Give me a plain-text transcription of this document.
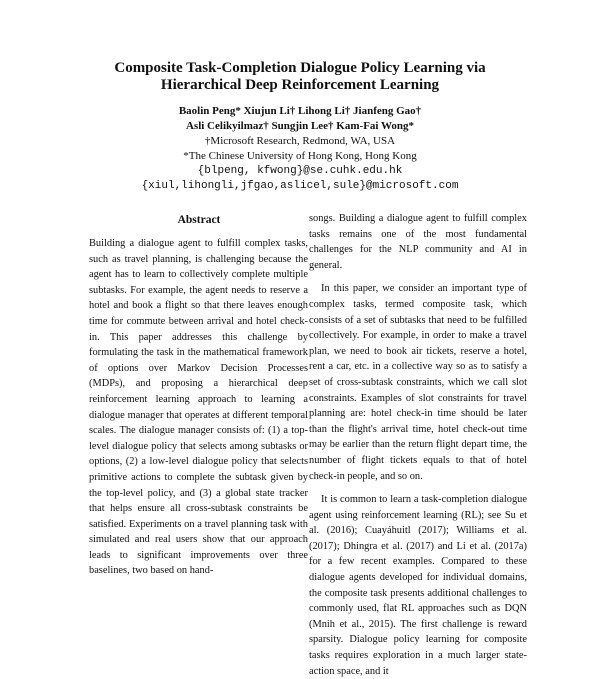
Composite Task-Completion Dialogue Policy Learning via
Hierarchical Deep Reinforcement Learning
Baolin Peng* Xiujun Li† Lihong Li† Jianfeng Gao†
Asli Celikyilmaz† Sungjin Lee† Kam-Fai Wong*
†Microsoft Research, Redmond, WA, USA
*The Chinese University of Hong Kong, Hong Kong
{blpeng, kfwong}@se.cuhk.edu.hk
{xiul,lihongli,jfgao,aslicel,sule}@microsoft.com
Abstract

Building a dialogue agent to fulfill complex tasks, such as travel planning, is challenging because the agent has to learn to collectively complete multiple subtasks. For example, the agent needs to reserve a hotel and book a flight so that there leaves enough time for commute between arrival and hotel check-in. This paper addresses this challenge by formulating the task in the mathematical framework of options over Markov Decision Processes (MDPs), and proposing a hierarchical deep reinforcement learning approach to learning a dialogue manager that operates at different temporal scales. The dialogue manager consists of: (1) a top-level dialogue policy that selects among subtasks or options, (2) a low-level dialogue policy that selects primitive actions to complete the subtask given by the top-level policy, and (3) a global state tracker that helps ensure all cross-subtask constraints be satisfied. Experiments on a travel planning task with simulated and real users show that our approach leads to significant improvements over three baselines, two based on hand-

songs. Building a dialogue agent to fulfill complex tasks remains one of the most fundamental challenges for the NLP community and AI in general.

In this paper, we consider an important type of complex tasks, termed composite task, which consists of a set of subtasks that need to be fulfilled collectively. For example, in order to make a travel plan, we need to book air tickets, reserve a hotel, rent a car, etc. in a collective way so as to satisfy a set of cross-subtask constraints, which we call slot constraints. Examples of slot constraints for travel planning are: hotel check-in time should be later than the flight's arrival time, hotel check-out time may be earlier than the return flight depart time, the number of flight tickets equals to that of hotel check-in people, and so on.

It is common to learn a task-completion dialogue agent using reinforcement learning (RL); see Su et al. (2016); Cuayáhuitl (2017); Williams et al. (2017); Dhingra et al. (2017) and Li et al. (2017a) for a few recent examples. Compared to these dialogue agents developed for individual domains, the composite task presents additional challenges to commonly used, flat RL approaches such as DQN (Mnih et al., 2015). The first challenge is reward sparsity. Dialogue policy learning for composite tasks requires exploration in a much larger state-action space, and it
